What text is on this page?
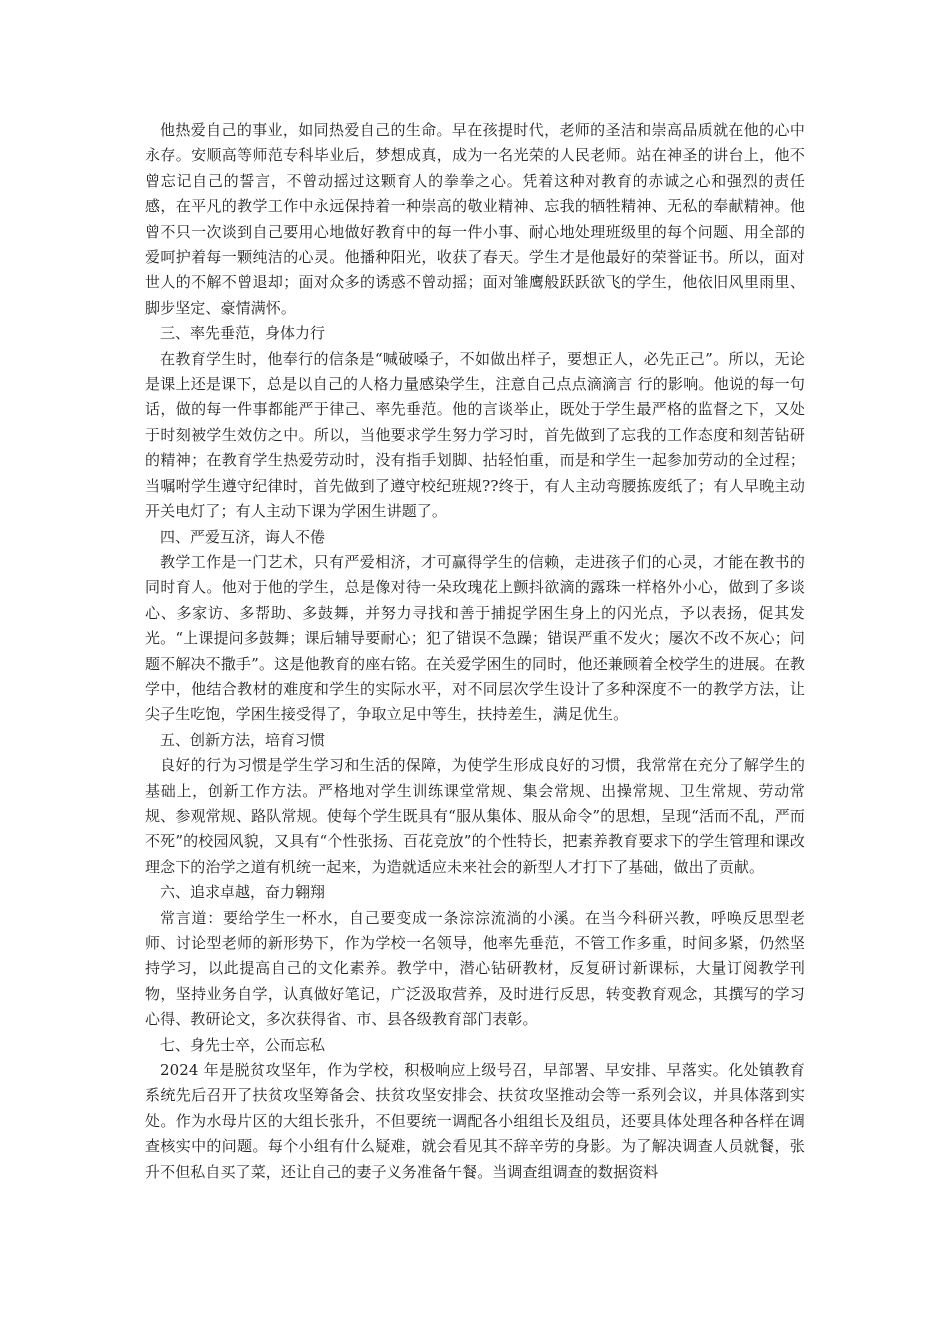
他热爱自己的事业，如同热爱自己的生命。早在孩提时代，老师的圣洁和崇高品质就在他的心中永存。安顺高等师范专科毕业后，梦想成真，成为一名光荣的人民老师。站在神圣的讲台上，他不曾忘记自己的誓言，不曾动摇过这颗育人的拳拳之心。凭着这种对教育的赤诚之心和强烈的责任感，在平凡的教学工作中永远保持着一种崇高的敬业精神、忘我的牺牲精神、无私的奉献精神。他曾不只一次谈到自己要用心地做好教育中的每一件小事、耐心地处理班级里的每个问题、用全部的爱呵护着每一颗纯洁的心灵。他播种阳光，收获了春天。学生才是他最好的荣誉证书。所以，面对世人的不解不曾退却；面对众多的诱惑不曾动摇；面对雏鹰般跃跃欲飞的学生，他依旧风里雨里、脚步坚定、豪情满怀。

三、率先垂范，身体力行

在教育学生时，他奉行的信条是“喊破嗓子，不如做出样子，要想正人，必先正己”。所以，无论是课上还是课下，总是以自己的人格力量感染学生，注意自己点点滴滴言 行的影响。他说的每一句话，做的每一件事都能严于律己、率先垂范。他的言谈举止，既处于学生最严格的监督之下，又处于时刻被学生效仿之中。所以，当他要求学生努力学习时，首先做到了忘我的工作态度和刻苦钻研的精神；在教育学生热爱劳动时，没有指手划脚、拈轻怕重，而是和学生一起参加劳动的全过程；当嘱咐学生遵守纪律时，首先做到了遵守校纪班规??终于，有人主动弯腰拣废纸了；有人早晚主动开关电灯了；有人主动下课为学困生讲题了。

四、严爱互济，诲人不倦

教学工作是一门艺术，只有严爱相济，才可赢得学生的信赖，走进孩子们的心灵，才能在教书的同时育人。他对于他的学生，总是像对待一朵玫瑰花上颤抖欲滴的露珠一样格外小心，做到了多谈心、多家访、多帮助、多鼓舞，并努力寻找和善于捕捉学困生身上的闪光点，予以表扬，促其发光。“上课提问多鼓舞；课后辅导要耐心；犯了错误不急躁；错误严重不发火；屡次不改不灰心；问题不解决不撒手”。这是他教育的座右铭。在关爱学困生的同时，他还兼顾着全校学生的进展。在教学中，他结合教材的难度和学生的实际水平，对不同层次学生设计了多种深度不一的教学方法，让尖子生吃饱，学困生接受得了，争取立足中等生，扶持差生，满足优生。

五、创新方法，培育习惯

良好的行为习惯是学生学习和生活的保障，为使学生形成良好的习惯，我常常在充分了解学生的基础上，创新工作方法。严格地对学生训练课堂常规、集会常规、出操常规、卫生常规、劳动常规、参观常规、路队常规。使每个学生既具有“服从集体、服从命令”的思想，呈现“活而不乱，严而不死”的校园风貌，又具有“个性张扬、百花竞放”的个性特长，把素养教育要求下的学生管理和课改理念下的治学之道有机统一起来，为造就适应未来社会的新型人才打下了基础，做出了贡献。

六、追求卓越，奋力翱翔

常言道：要给学生一杯水，自己要变成一条淙淙流淌的小溪。在当今科研兴教，呼唤反思型老师、讨论型老师的新形势下，作为学校一名领导，他率先垂范，不管工作多重，时间多紧，仍然坚持学习，以此提高自己的文化素养。教学中，潜心钻研教材，反复研讨新课标，大量订阅教学刊物，坚持业务自学，认真做好笔记，广泛汲取营养，及时进行反思，转变教育观念，其撰写的学习心得、教研论文，多次获得省、市、县各级教育部门表彰。

七、身先士卒，公而忘私

2024 年是脱贫攻坚年，作为学校，积极响应上级号召，早部署、早安排、早落实。化处镇教育系统先后召开了扶贫攻坚筹备会、扶贫攻坚安排会、扶贫攻坚推动会等一系列会议，并具体落到实处。作为水母片区的大组长张升，不但要统一调配各小组组长及组员，还要具体处理各种各样在调查核实中的问题。每个小组有什么疑难，就会看见其不辞辛劳的身影。为了解决调查人员就餐，张升不但私自买了菜，还让自己的妻子义务准备午餐。当调查组调查的数据资料
